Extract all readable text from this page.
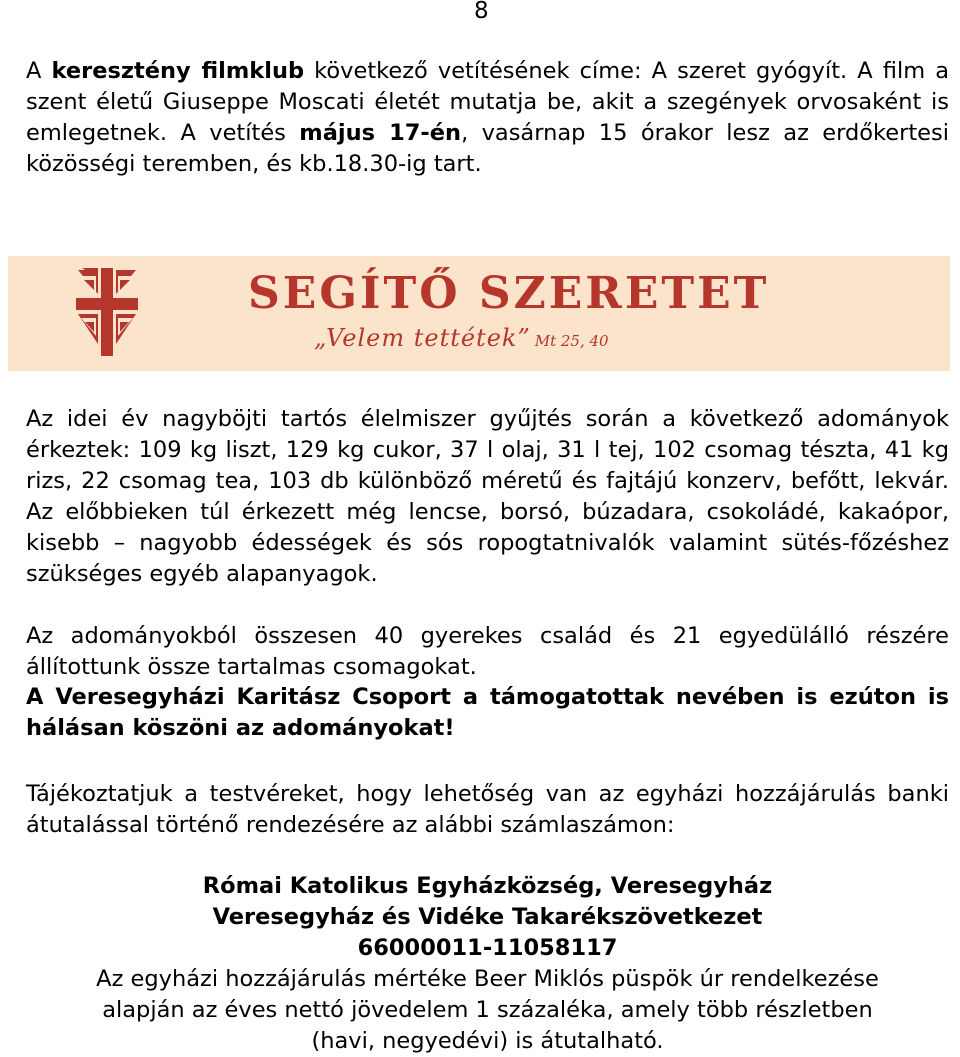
8

A keresztény filmklub következő vetítésének címe: A szeret gyógyít. A film a szent életű Giuseppe Moscati életét mutatja be, akit a szegények orvosaként is emlegetnek. A vetítés május 17-én, vasárnap 15 órakor lesz az erdőkertesi közösségi teremben, és kb.18.30-ig tart.

SEGÍTŐ SZERETET
„Velem tettétek” Mt 25, 40

Az idei év nagyböjti tartós élelmiszer gyűjtés során a következő adományok érkeztek: 109 kg liszt, 129 kg cukor, 37 l olaj, 31 l tej, 102 csomag tészta, 41 kg rizs, 22 csomag tea, 103 db különböző méretű és fajtájú konzerv, befőtt, lekvár. Az előbbieken túl érkezett még lencse, borsó, búzadara, csokoládé, kakaópor, kisebb – nagyobb édességek és sós ropogtatnivalók valamint sütés-főzéshez szükséges egyéb alapanyagok.

Az adományokból összesen 40 gyerekes család és 21 egyedülálló részére állítottunk össze tartalmas csomagokat.

A Veresegyházi Karitász Csoport a támogatottak nevében is ezúton is hálásan köszöni az adományokat!

Tájékoztatjuk a testvéreket, hogy lehetőség van az egyházi hozzájárulás banki átutalással történő rendezésére az alábbi számlaszámon:

Római Katolikus Egyházközség, Veresegyház

Veresegyház és Vidéke Takarékszövetkezet

66000011-11058117

Az egyházi hozzájárulás mértéke Beer Miklós püspök úr rendelkezése

alapján az éves nettó jövedelem 1 százaléka, amely több részletben

(havi, negyedévi) is átutalható.
